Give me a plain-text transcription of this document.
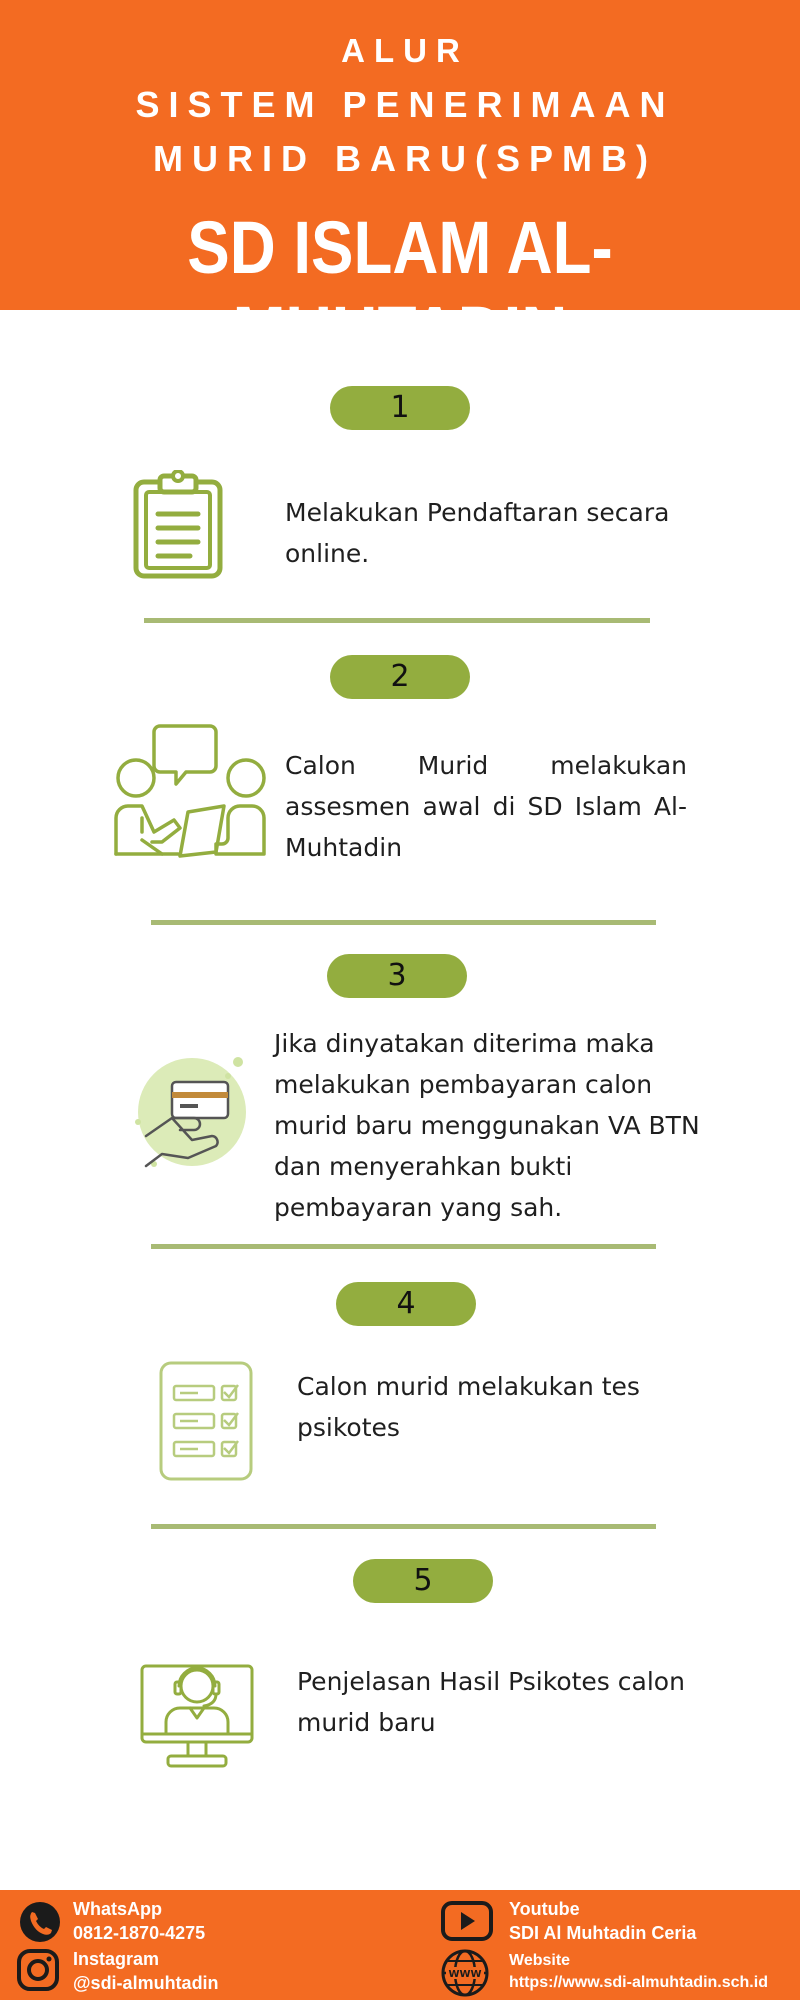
ALUR
SISTEM PENERIMAAN
MURID BARU(SPMB)
SD ISLAM AL-MUHTADIN
1
Melakukan Pendaftaran secara online.
2
Calon Murid melakukan assesmen awal di SD Islam Al-Muhtadin
3
Jika dinyatakan diterima maka melakukan pembayaran calon murid baru menggunakan VA BTN dan menyerahkan bukti pembayaran yang sah.
4
Calon murid melakukan tes psikotes
5
Penjelasan Hasil Psikotes calon murid baru
WhatsApp
0812-1870-4275
Instagram
@sdi-almuhtadin
Youtube
SDI Al Muhtadin Ceria
WWW
Website
https://www.sdi-almuhtadin.sch.id
